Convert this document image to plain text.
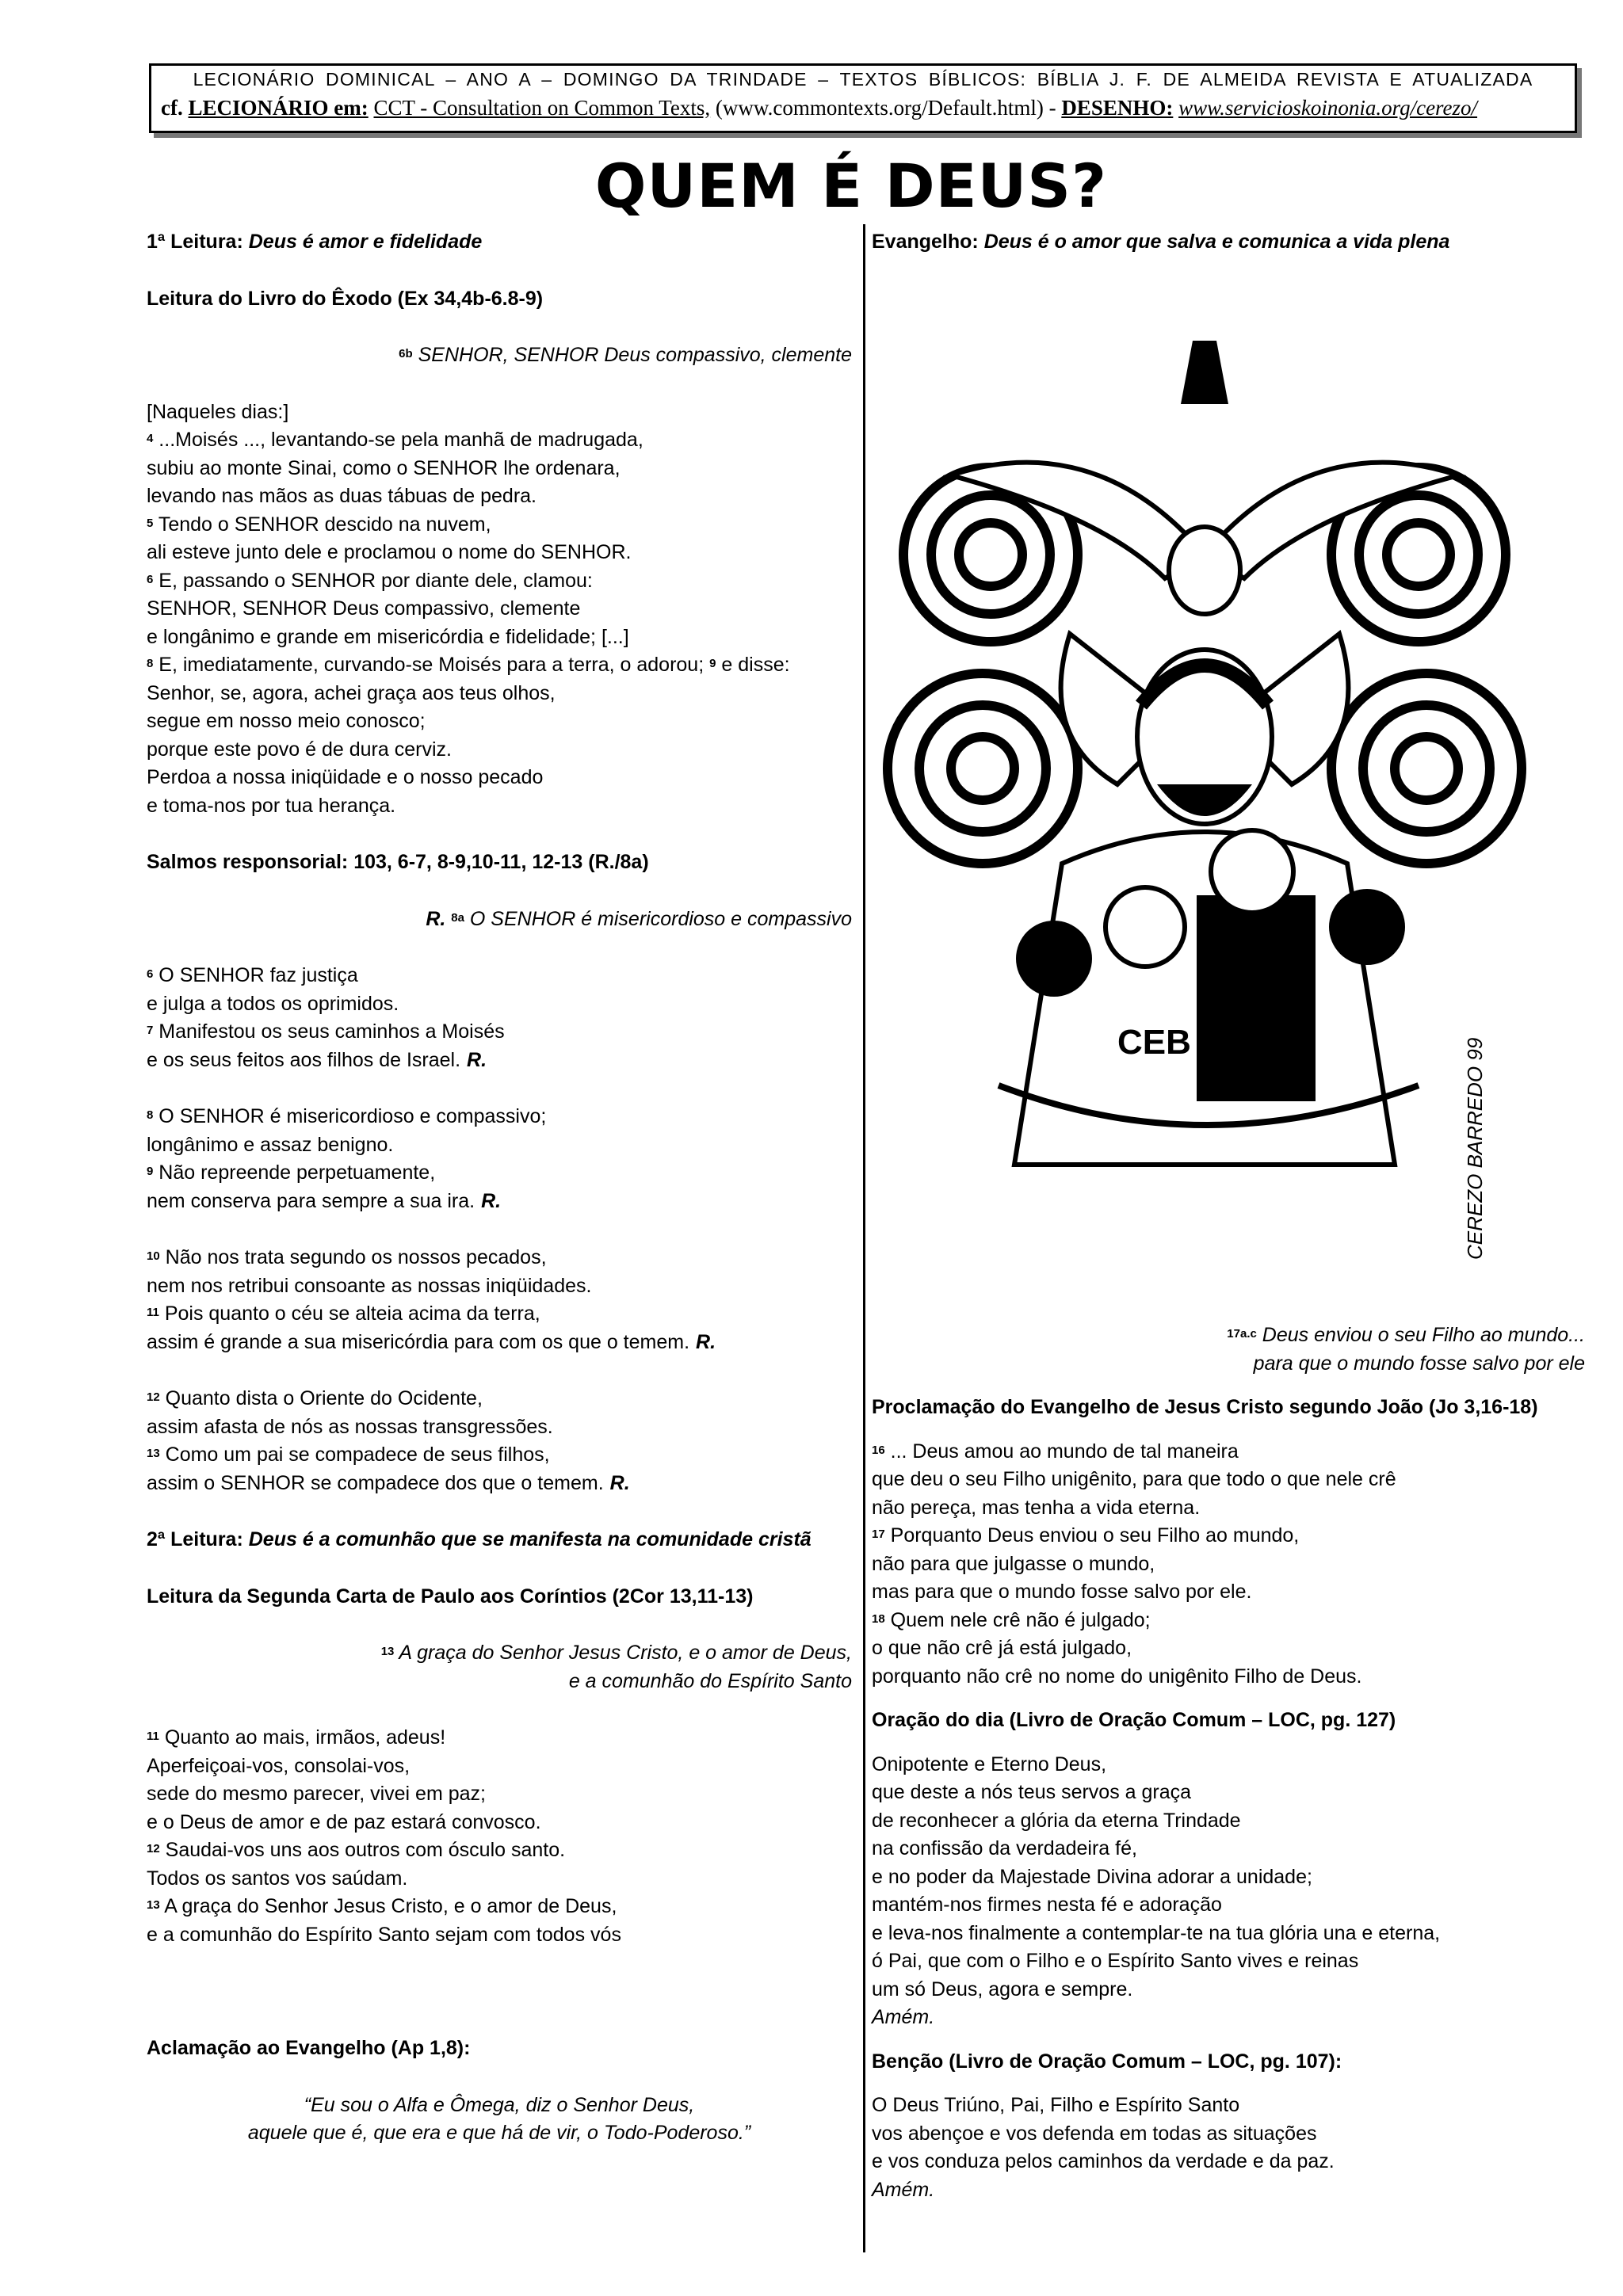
LECIONÁRIO DOMINICAL – ANO A – DOMINGO DA TRINDADE – TEXTOS BÍBLICOS: BÍBLIA J. F. DE ALMEIDA REVISTA E ATUALIZADA
cf. LECIONÁRIO em: CCT - Consultation on Common Texts, (www.commontexts.org/Default.html) - DESENHO: www.servicioskoinonia.org/cerezo/
QUEM É DEUS?

1ª Leitura: Deus é amor e fidelidade

Leitura do Livro do Êxodo (Ex 34,4b-6.8-9)

$^{6b}$ SENHOR, SENHOR Deus compassivo, clemente

[Naqueles dias:]

$^4$ ...Moisés ..., levantando-se pela manhã de madrugada,

subiu ao monte Sinai, como o SENHOR lhe ordenara,

levando nas mãos as duas tábuas de pedra.

$^5$ Tendo o SENHOR descido na nuvem,

ali esteve junto dele e proclamou o nome do SENHOR.

$^6$ E, passando o SENHOR por diante dele, clamou:

SENHOR, SENHOR Deus compassivo, clemente

e longânimo e grande em misericórdia e fidelidade; [...]

$^8$ E, imediatamente, curvando-se Moisés para a terra, o adorou; $^9$ e disse:

Senhor, se, agora, achei graça aos teus olhos,

segue em nosso meio conosco;

porque este povo é de dura cerviz.

Perdoa a nossa iniqüidade e o nosso pecado

e toma-nos por tua herança.

Salmos responsorial: 103, 6-7, 8-9,10-11, 12-13 (R./8a)

R. $^{8a}$ O SENHOR é misericordioso e compassivo

$^6$ O SENHOR faz justiça

e julga a todos os oprimidos.

$^7$ Manifestou os seus caminhos a Moisés

e os seus feitos aos filhos de Israel. R.

$^8$ O SENHOR é misericordioso e compassivo;

longânimo e assaz benigno.

$^9$ Não repreende perpetuamente,

nem conserva para sempre a sua ira. R.

$^{10}$ Não nos trata segundo os nossos pecados,

nem nos retribui consoante as nossas iniqüidades.

$^{11}$ Pois quanto o céu se alteia acima da terra,

assim é grande a sua misericórdia para com os que o temem. R.

$^{12}$ Quanto dista o Oriente do Ocidente,

assim afasta de nós as nossas transgressões.

$^{13}$ Como um pai se compadece de seus filhos,

assim o SENHOR se compadece dos que o temem. R.

2ª Leitura: Deus é a comunhão que se manifesta na comunidade cristã

Leitura da Segunda Carta de Paulo aos Coríntios (2Cor 13,11-13)

$^{13}$ A graça do Senhor Jesus Cristo, e o amor de Deus,

e a comunhão do Espírito Santo

$^{11}$ Quanto ao mais, irmãos, adeus!

Aperfeiçoai-vos, consolai-vos,

sede do mesmo parecer, vivei em paz;

e o Deus de amor e de paz estará convosco.

$^{12}$ Saudai-vos uns aos outros com ósculo santo.

Todos os santos vos saúdam.

$^{13}$ A graça do Senhor Jesus Cristo, e o amor de Deus,

e a comunhão do Espírito Santo sejam com todos vós

Aclamação ao Evangelho (Ap 1,8):

“Eu sou o Alfa e Ômega, diz o Senhor Deus,

aquele que é, que era e que há de vir, o Todo-Poderoso.”

Evangelho: Deus é o amor que salva e comunica a vida plena

CEB	CEREZO BARREDO 99

$^{17a.c}$ Deus enviou o seu Filho ao mundo...

para que o mundo fosse salvo por ele

Proclamação do Evangelho de Jesus Cristo segundo João (Jo 3,16-18)

$^{16}$ ... Deus amou ao mundo de tal maneira

que deu o seu Filho unigênito, para que todo o que nele crê

não pereça, mas tenha a vida eterna.

$^{17}$ Porquanto Deus enviou o seu Filho ao mundo,

não para que julgasse o mundo,

mas para que o mundo fosse salvo por ele.

$^{18}$ Quem nele crê não é julgado;

o que não crê já está julgado,

porquanto não crê no nome do unigênito Filho de Deus.

Oração do dia (Livro de Oração Comum – LOC, pg. 127)

Onipotente e Eterno Deus,

que deste a nós teus servos a graça

de reconhecer a glória da eterna Trindade

na confissão da verdadeira fé,

e no poder da Majestade Divina adorar a unidade;

mantém-nos firmes nesta fé e adoração

e leva-nos finalmente a contemplar-te na tua glória una e eterna,

ó Pai, que com o Filho e o Espírito Santo vives e reinas

um só Deus, agora e sempre.

Amém.

Benção (Livro de Oração Comum – LOC, pg. 107):

O Deus Triúno, Pai, Filho e Espírito Santo

vos abençoe e vos defenda em todas as situações

e vos conduza pelos caminhos da verdade e da paz.

Amém.
